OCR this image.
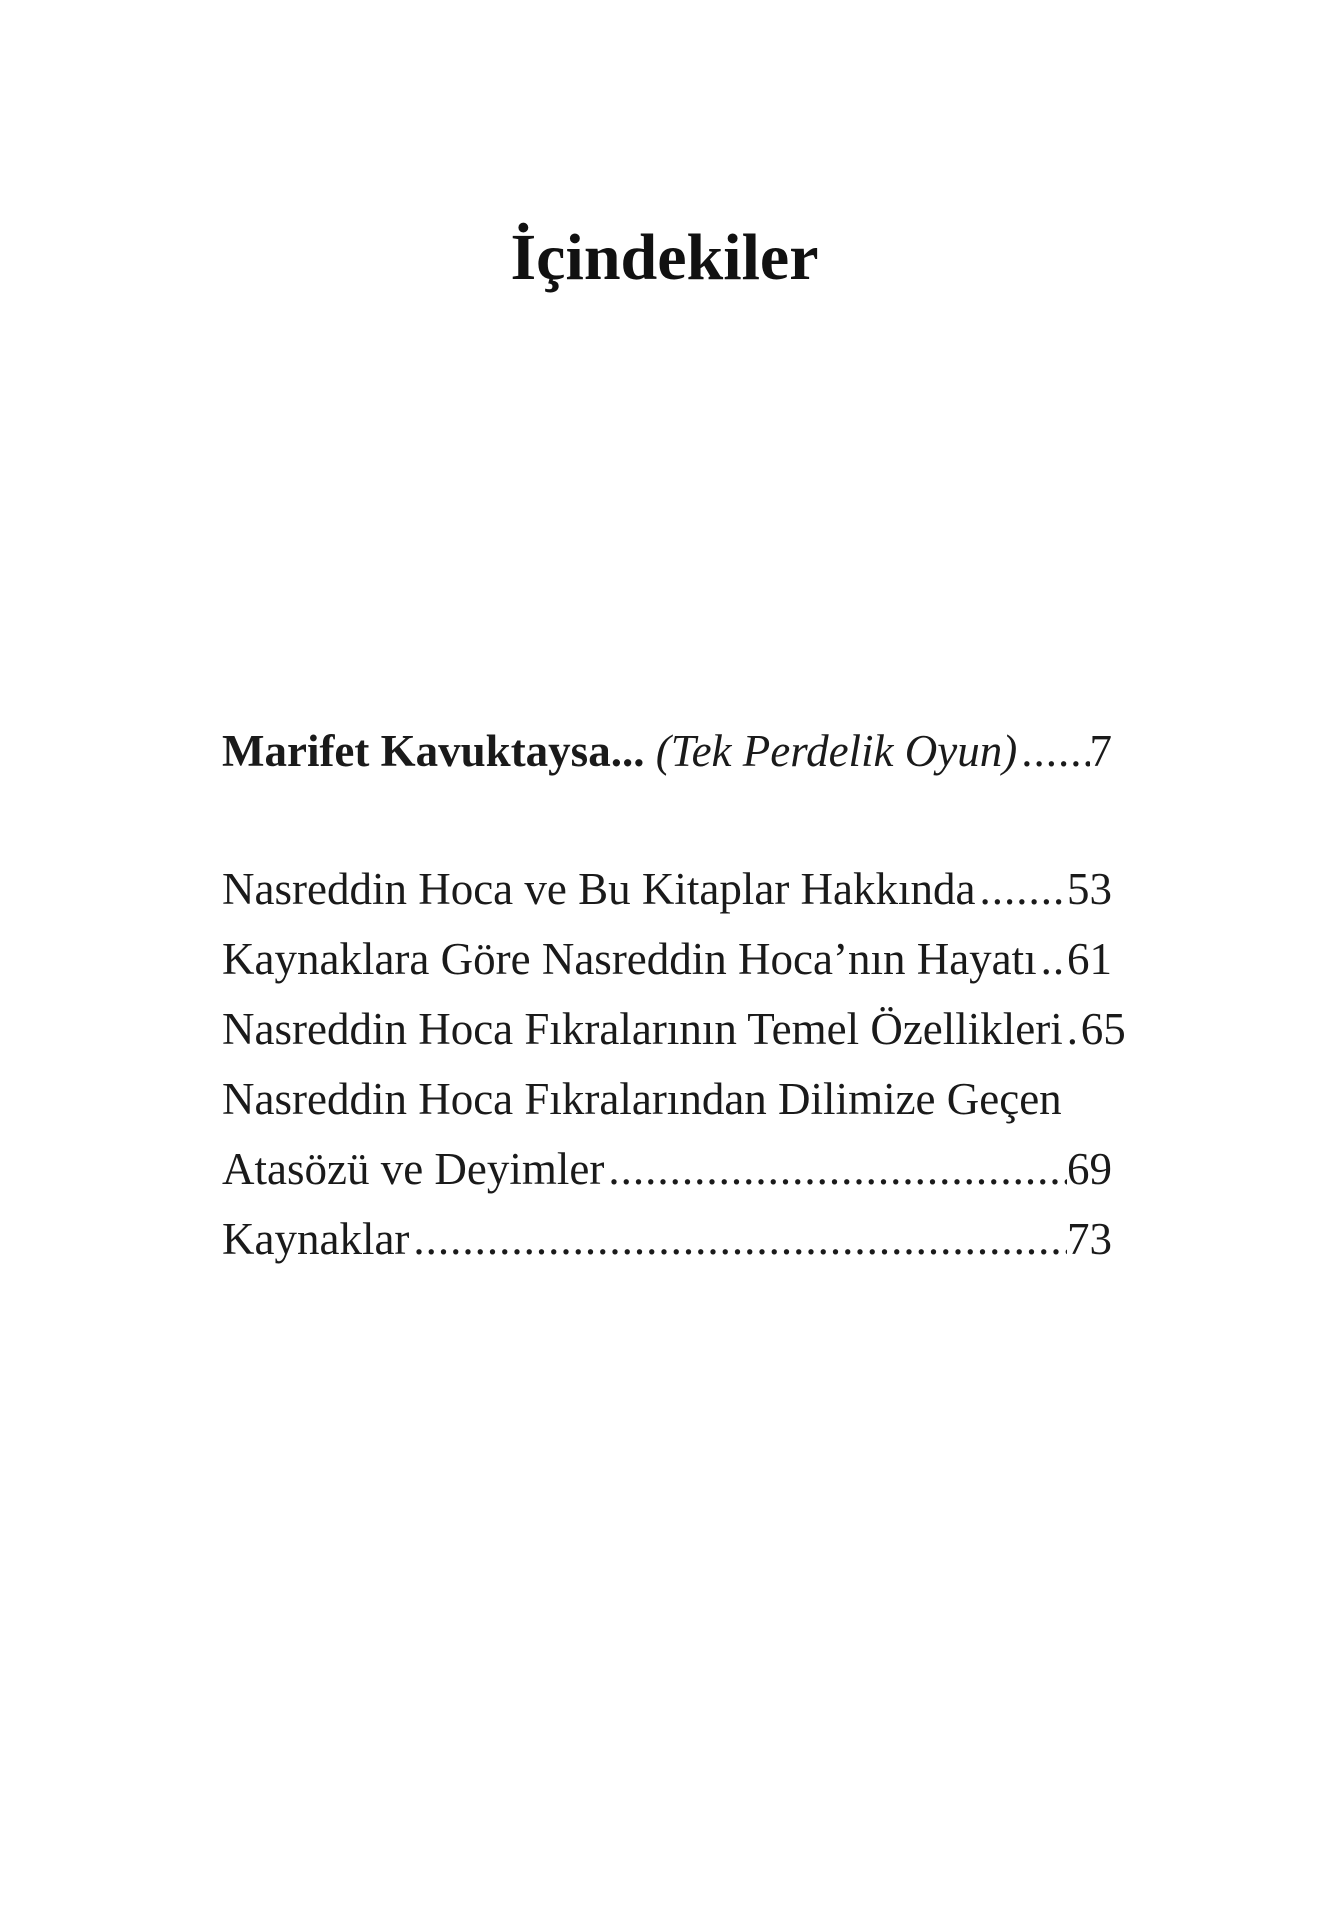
İçindekiler
Marifet Kavuktaysa... (Tek Perdelik Oyun) ..... 7
Nasreddin Hoca ve Bu Kitaplar Hakkında ..... 53
Kaynaklara Göre Nasreddin Hoca’nın Hayatı ..... 61
Nasreddin Hoca Fıkralarının Temel Özellikleri ..... 65
Nasreddin Hoca Fıkralarından Dilimize Geçen
Atasözü ve Deyimler .....	69
Kaynaklar .....	73
